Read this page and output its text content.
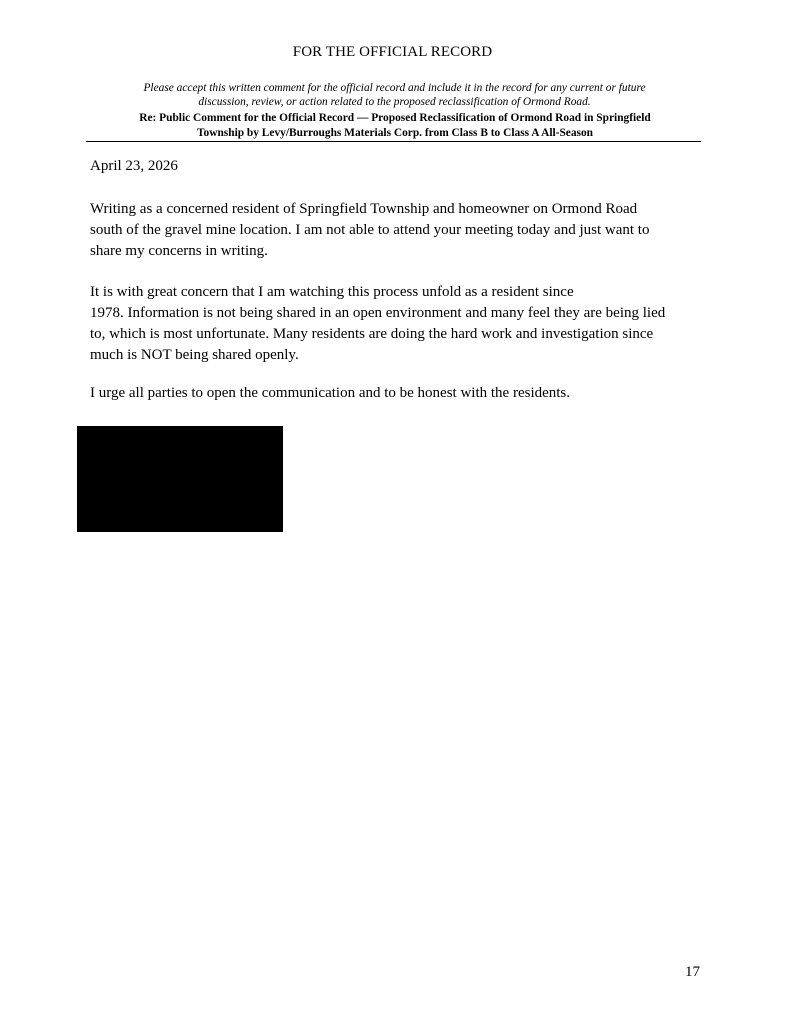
FOR THE OFFICIAL RECORD
Please accept this written comment for the official record and include it in the record for any current or future
discussion, review, or action related to the proposed reclassification of Ormond Road.
Re: Public Comment for the Official Record — Proposed Reclassification of Ormond Road in Springfield
Township by Levy/Burroughs Materials Corp. from Class B to Class A All-Season
April 23, 2026
Writing as a concerned resident of Springfield Township and homeowner on Ormond Road
south of the gravel mine location. I am not able to attend your meeting today and just want to
share my concerns in writing.
It is with great concern that I am watching this process unfold as a resident since
1978. Information is not being shared in an open environment and many feel they are being lied
to, which is most unfortunate. Many residents are doing the hard work and investigation since
much is NOT being shared openly.
I urge all parties to open the communication and to be honest with the residents.
17
